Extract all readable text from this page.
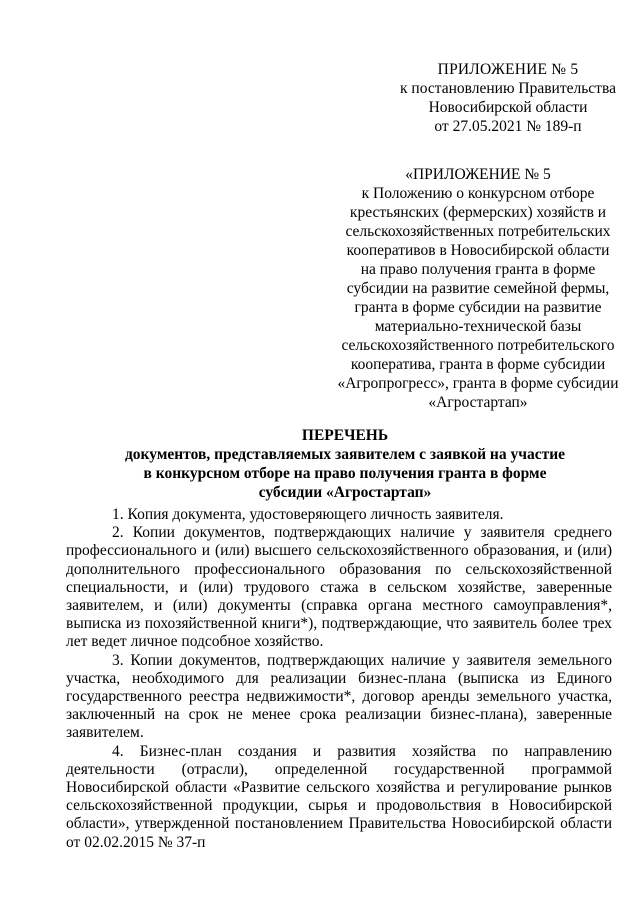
ПРИЛОЖЕНИЕ № 5
к постановлению Правительства
Новосибирской области
от 27.05.2021 № 189-п
«ПРИЛОЖЕНИЕ № 5
к Положению о конкурсном отборе
крестьянских (фермерских) хозяйств и
сельскохозяйственных потребительских
кооперативов в Новосибирской области
на право получения гранта в форме
субсидии на развитие семейной фермы,
гранта в форме субсидии на развитие
материально-технической базы
сельскохозяйственного потребительского
кооператива, гранта в форме субсидии
«Агропрогресс», гранта в форме субсидии
«Агростартап»
ПЕРЕЧЕНЬ
документов, представляемых заявителем с заявкой на участие
в конкурсном отборе на право получения гранта в форме
субсидии «Агростартап»

1. Копия документа, удостоверяющего личность заявителя.

2. Копии документов, подтверждающих наличие у заявителя среднего профессионального и (или) высшего сельскохозяйственного образования, и (или) дополнительного профессионального образования по сельскохозяйственной специальности, и (или) трудового стажа в сельском хозяйстве, заверенные заявителем, и (или) документы (справка органа местного самоуправления*, выписка из похозяйственной книги*), подтверждающие, что заявитель более трех лет ведет личное подсобное хозяйство.

3. Копии документов, подтверждающих наличие у заявителя земельного участка, необходимого для реализации бизнес-плана (выписка из Единого государственного реестра недвижимости*, договор аренды земельного участка, заключенный на срок не менее срока реализации бизнес-плана), заверенные заявителем.

4. Бизнес-план создания и развития хозяйства по направлению деятельности (отрасли), определенной государственной программой Новосибирской области «Развитие сельского хозяйства и регулирование рынков сельскохозяйственной продукции, сырья и продовольствия в Новосибирской области», утвержденной постановлением Правительства Новосибирской области от 02.02.2015 № 37-п
